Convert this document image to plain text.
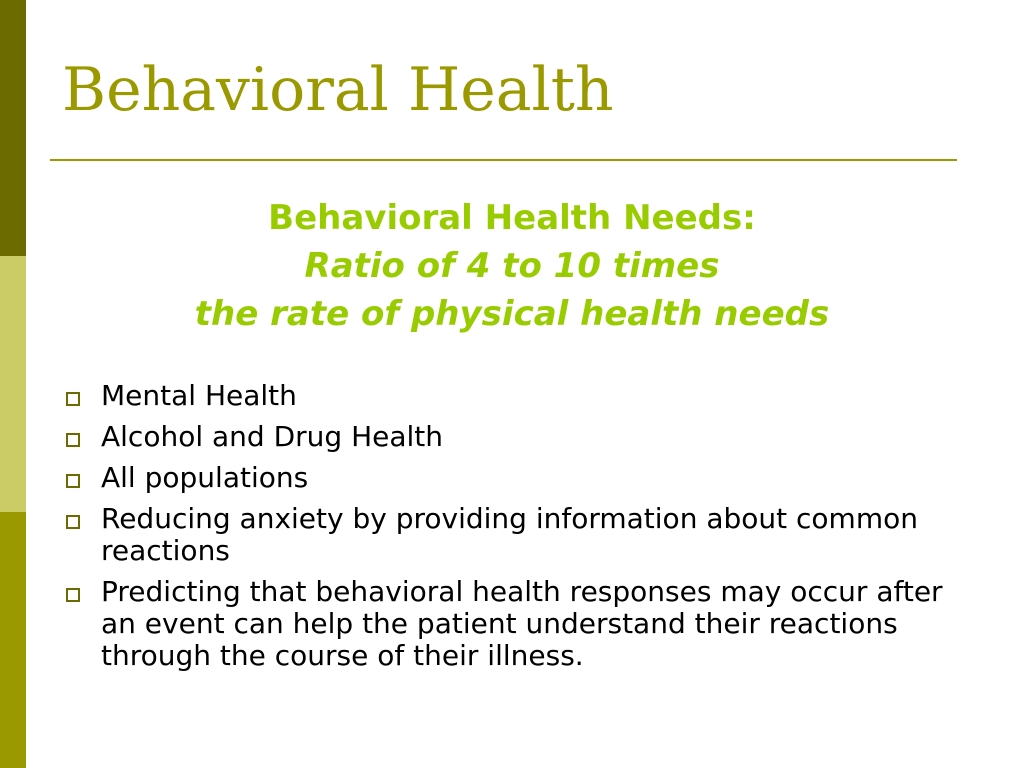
Behavioral Health
Behavioral Health Needs:
Ratio of 4 to 10 times
the rate of physical health needs
Mental Health
Alcohol and Drug Health
All populations
Reducing anxiety by providing information about common reactions
Predicting that behavioral health responses may occur after an event can help the patient understand their reactions through the course of their illness.
